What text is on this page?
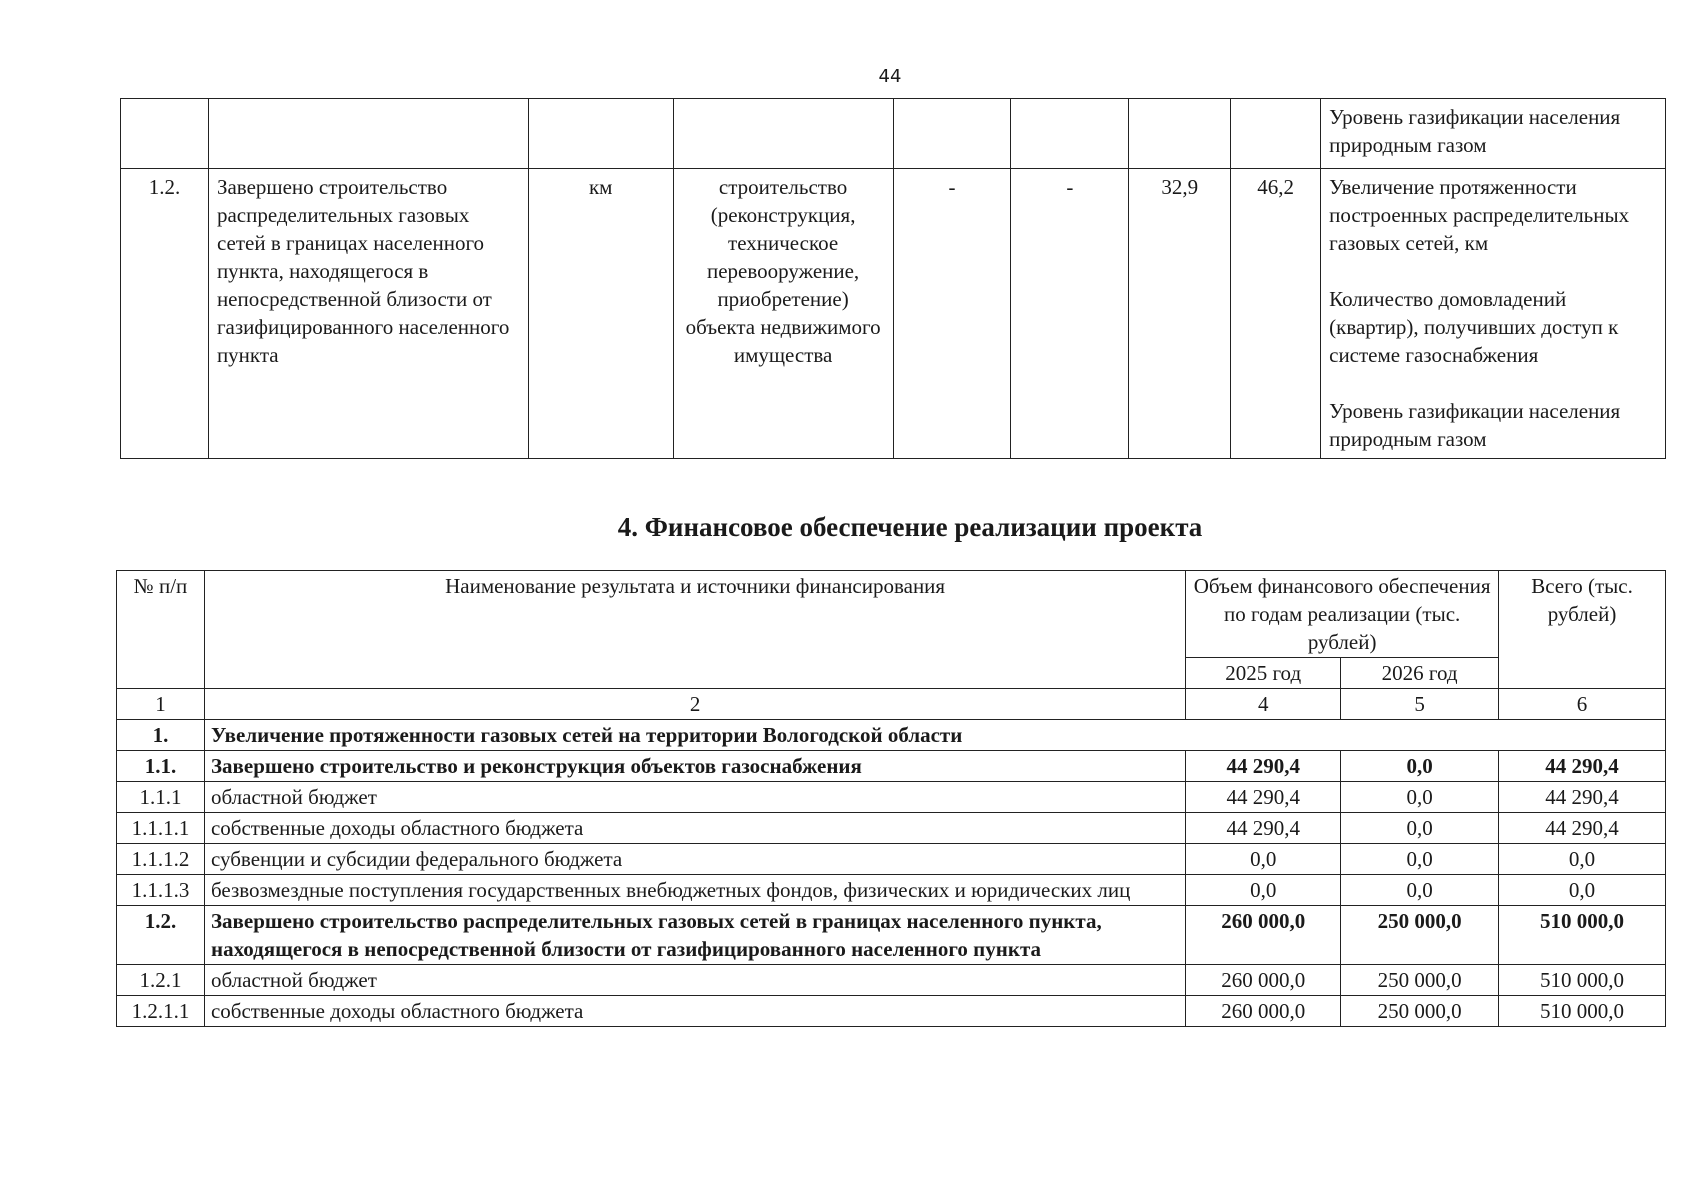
44
								Уровень газификации населения природным газом
1.2.	Завершено строительство распределительных газовых сетей в границах населенного пункта, находящегося в непосредственной близости от газифицированного населенного пункта	км	строительство (реконструкция, техническое перевооружение, приобретение) объекта недвижимого имущества	-	-	32,9	46,2	Увеличение протяженности построенных распределительных газовых сетей, км
Количество домовладений (квартир), получивших доступ к системе газоснабжения
Уровень газификации населения природным газом
4. Финансовое обеспечение реализации проекта
№ п/п	Наименование результата и источники финансирования	Объем финансового обеспечения по годам реализации (тыс. рублей)		Всего (тыс. рублей)
		2025 год	2026 год	
1	2	4	5	6
1.	Увеличение протяженности газовых сетей на территории Вологодской области			
1.1.	Завершено строительство и реконструкция объектов газоснабжения	44 290,4	0,0	44 290,4
1.1.1	областной бюджет	44 290,4	0,0	44 290,4
1.1.1.1	собственные доходы областного бюджета	44 290,4	0,0	44 290,4
1.1.1.2	субвенции и субсидии федерального бюджета	0,0	0,0	0,0
1.1.1.3	безвозмездные поступления государственных внебюджетных фондов, физических и юридических лиц	0,0	0,0	0,0
1.2.	Завершено строительство распределительных газовых сетей в границах населенного пункта, находящегося в непосредственной близости от газифицированного населенного пункта	260 000,0	250 000,0	510 000,0
1.2.1	областной бюджет	260 000,0	250 000,0	510 000,0
1.2.1.1	собственные доходы областного бюджета	260 000,0	250 000,0	510 000,0
